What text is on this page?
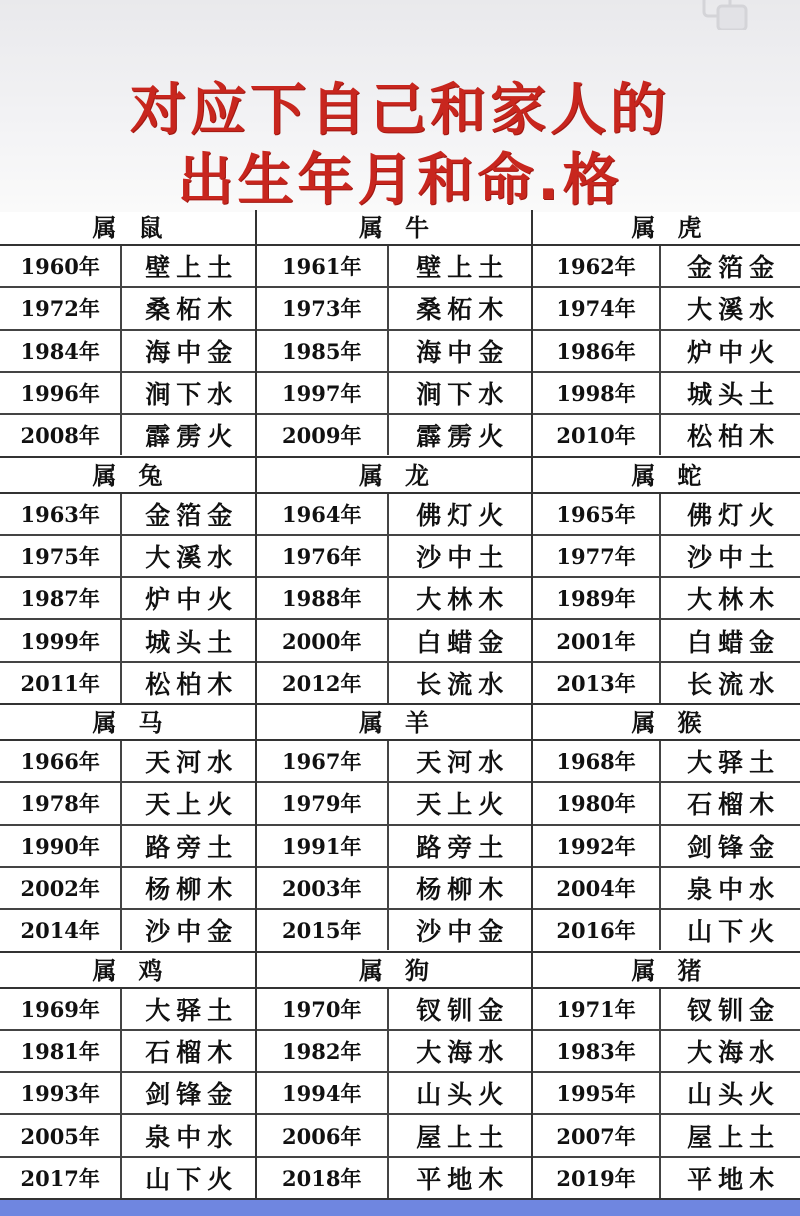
对应下自己和家人的
出生年月和命.格
属鼠
1960年	壁上土
1972年	桑柘木
1984年	海中金
1996年	涧下水
2008年	霹雳火
属牛
1961年	壁上土
1973年	桑柘木
1985年	海中金
1997年	涧下水
2009年	霹雳火
属虎
1962年	金箔金
1974年	大溪水
1986年	炉中火
1998年	城头土
2010年	松柏木
属兔
1963年	金箔金
1975年	大溪水
1987年	炉中火
1999年	城头土
2011年	松柏木
属龙
1964年	佛灯火
1976年	沙中土
1988年	大林木
2000年	白蜡金
2012年	长流水
属蛇
1965年	佛灯火
1977年	沙中土
1989年	大林木
2001年	白蜡金
2013年	长流水
属马
1966年	天河水
1978年	天上火
1990年	路旁土
2002年	杨柳木
2014年	沙中金
属羊
1967年	天河水
1979年	天上火
1991年	路旁土
2003年	杨柳木
2015年	沙中金
属猴
1968年	大驿土
1980年	石榴木
1992年	剑锋金
2004年	泉中水
2016年	山下火
属鸡
1969年	大驿土
1981年	石榴木
1993年	剑锋金
2005年	泉中水
2017年	山下火
属狗
1970年	钗钏金
1982年	大海水
1994年	山头火
2006年	屋上土
2018年	平地木
属猪
1971年	钗钏金
1983年	大海水
1995年	山头火
2007年	屋上土
2019年	平地木
